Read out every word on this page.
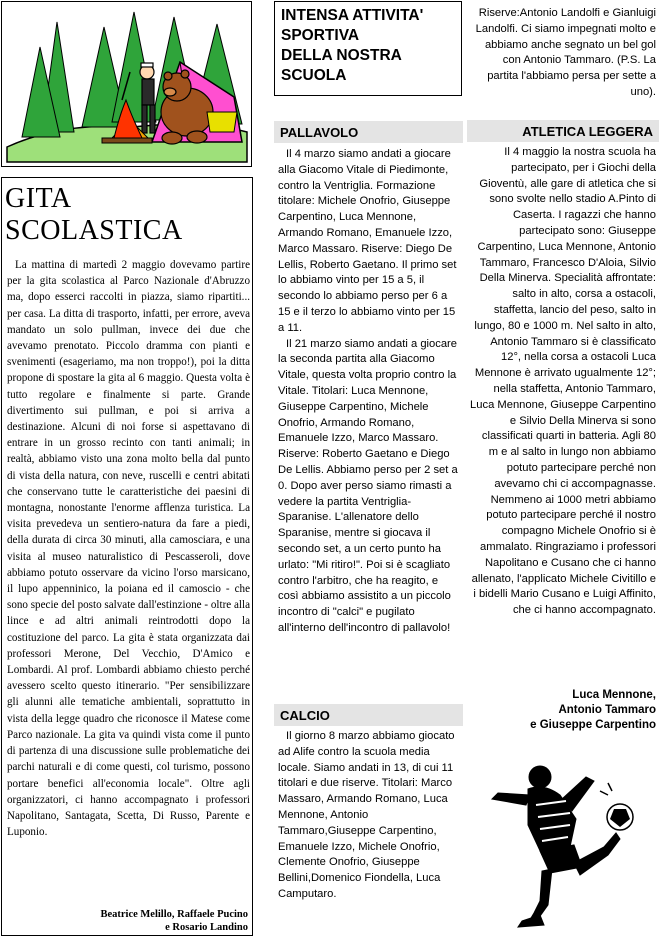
GITA SCOLASTICA

La mattina di martedì 2 maggio dovevamo partire per la gita scolastica al Parco Nazionale d'Abruzzo ma, dopo esserci raccolti in piazza, siamo ripartiti... per casa. La ditta di trasporto, infatti, per errore, aveva mandato un solo pullman, invece dei due che avevamo prenotato. Piccolo dramma con pianti e svenimenti (esageriamo, ma non troppo!), poi la ditta propone di spostare la gita al 6 maggio. Questa volta è tutto regolare e finalmente si parte. Grande divertimento sui pullman, e poi si arriva a destinazione. Alcuni di noi forse si aspettavano di entrare in un grosso recinto con tanti animali; in realtà, abbiamo visto una zona molto bella dal punto di vista della natura, con neve, ruscelli e centri abitati che conservano tutte le caratteristiche dei paesini di montagna, nonostante l'enorme afflenza turistica. La visita prevedeva un sentiero-natura da fare a piedi, della durata di circa 30 minuti, alla camosciara, e una visita al museo naturalistico di Pescasseroli, dove abbiamo potuto osservare da vicino l'orso marsicano, il lupo appenninico, la poiana ed il camoscio - che sono specie del posto salvate dall'estinzione - oltre alla lince e ad altri animali reintrodotti dopo la costituzione del parco. La gita è stata organizzata dai professori Merone, Del Vecchio, D'Amico e Lombardi. Al prof. Lombardi abbiamo chiesto perché avessero scelto questo itinerario. "Per sensibilizzare gli alunni alle tematiche ambientali, soprattutto in vista della legge quadro che riconosce il Matese come Parco nazionale. La gita va quindi vista come il punto di partenza di una discussione sulle problematiche dei parchi naturali e di come questi, col turismo, possono portare benefici all'economia locale". Oltre agli organizzatori, ci hanno accompagnato i professori Napolitano, Santagata, Scetta, Di Russo, Parente e Luponio.

Beatrice Melillo, Raffaele Pucino
e Rosario Landino
INTENSA ATTIVITA'
SPORTIVA
DELLA NOSTRA
SCUOLA
PALLAVOLO

Il 4 marzo siamo andati a giocare alla Giacomo Vitale di Piedimonte, contro la Ventriglia. Formazione titolare: Michele Onofrio, Giuseppe Carpentino, Luca Mennone, Armando Romano, Emanuele Izzo, Marco Massaro. Riserve: Diego De Lellis, Roberto Gaetano. Il primo set lo abbiamo vinto per 15 a 5, il secondo lo abbiamo perso per 6 a 15 e il terzo lo abbiamo vinto per 15 a 11.

Il 21 marzo siamo andati a giocare la seconda partita alla Giacomo Vitale, questa volta proprio contro la Vitale. Titolari: Luca Mennone, Giuseppe Carpentino, Michele Onofrio, Armando Romano, Emanuele Izzo, Marco Massaro. Riserve: Roberto Gaetano e Diego De Lellis. Abbiamo perso per 2 set a 0. Dopo aver perso siamo rimasti a vedere la partita Ventriglia-Sparanise. L'allenatore dello Sparanise, mentre si giocava il secondo set, a un certo punto ha urlato: "Mi ritiro!". Poi si è scagliato contro l'arbitro, che ha reagito, e così abbiamo assistito a un piccolo incontro di "calci" e pugilato all'interno dell'incontro di pallavolo!

CALCIO

Il giorno 8 marzo abbiamo giocato ad Alife contro la scuola media locale. Siamo andati in 13, di cui 11 titolari e due riserve. Titolari: Marco Massaro, Armando Romano, Luca Mennone, Antonio Tammaro,Giuseppe Carpentino, Emanuele Izzo, Michele Onofrio, Clemente Onofrio, Giuseppe Bellini,Domenico Fiondella, Luca Camputaro.

Riserve:Antonio Landolfi e Gianluigi Landolfi. Ci siamo impegnati molto e abbiamo anche segnato un bel gol con Antonio Tammaro. (P.S. La partita l'abbiamo persa per sette a uno).

ATLETICA LEGGERA

Il 4 maggio la nostra scuola ha partecipato, per i Giochi della Gioventù, alle gare di atletica che si sono svolte nello stadio A.Pinto di Caserta. I ragazzi che hanno partecipato sono: Giuseppe Carpentino, Luca Mennone, Antonio Tammaro, Francesco D'Aloia, Silvio Della Minerva. Specialità affrontate: salto in alto, corsa a ostacoli, staffetta, lancio del peso, salto in lungo, 80 e 1000 m. Nel salto in alto, Antonio Tammaro si è classificato 12°, nella corsa a ostacoli Luca Mennone è arrivato ugualmente 12°; nella staffetta, Antonio Tammaro, Luca Mennone, Giuseppe Carpentino e Silvio Della Minerva si sono classificati quarti in batteria. Agli 80 m e al salto in lungo non abbiamo potuto partecipare perché non avevamo chi ci accompagnasse. Nemmeno ai 1000 metri abbiamo potuto partecipare perché il nostro compagno Michele Onofrio si è ammalato. Ringraziamo i professori Napolitano e Cusano che ci hanno allenato, l'applicato Michele Civitillo e i bidelli Mario Cusano e Luigi Affinito, che ci hanno accompagnato.

Luca Mennone,
Antonio Tammaro
e Giuseppe Carpentino
